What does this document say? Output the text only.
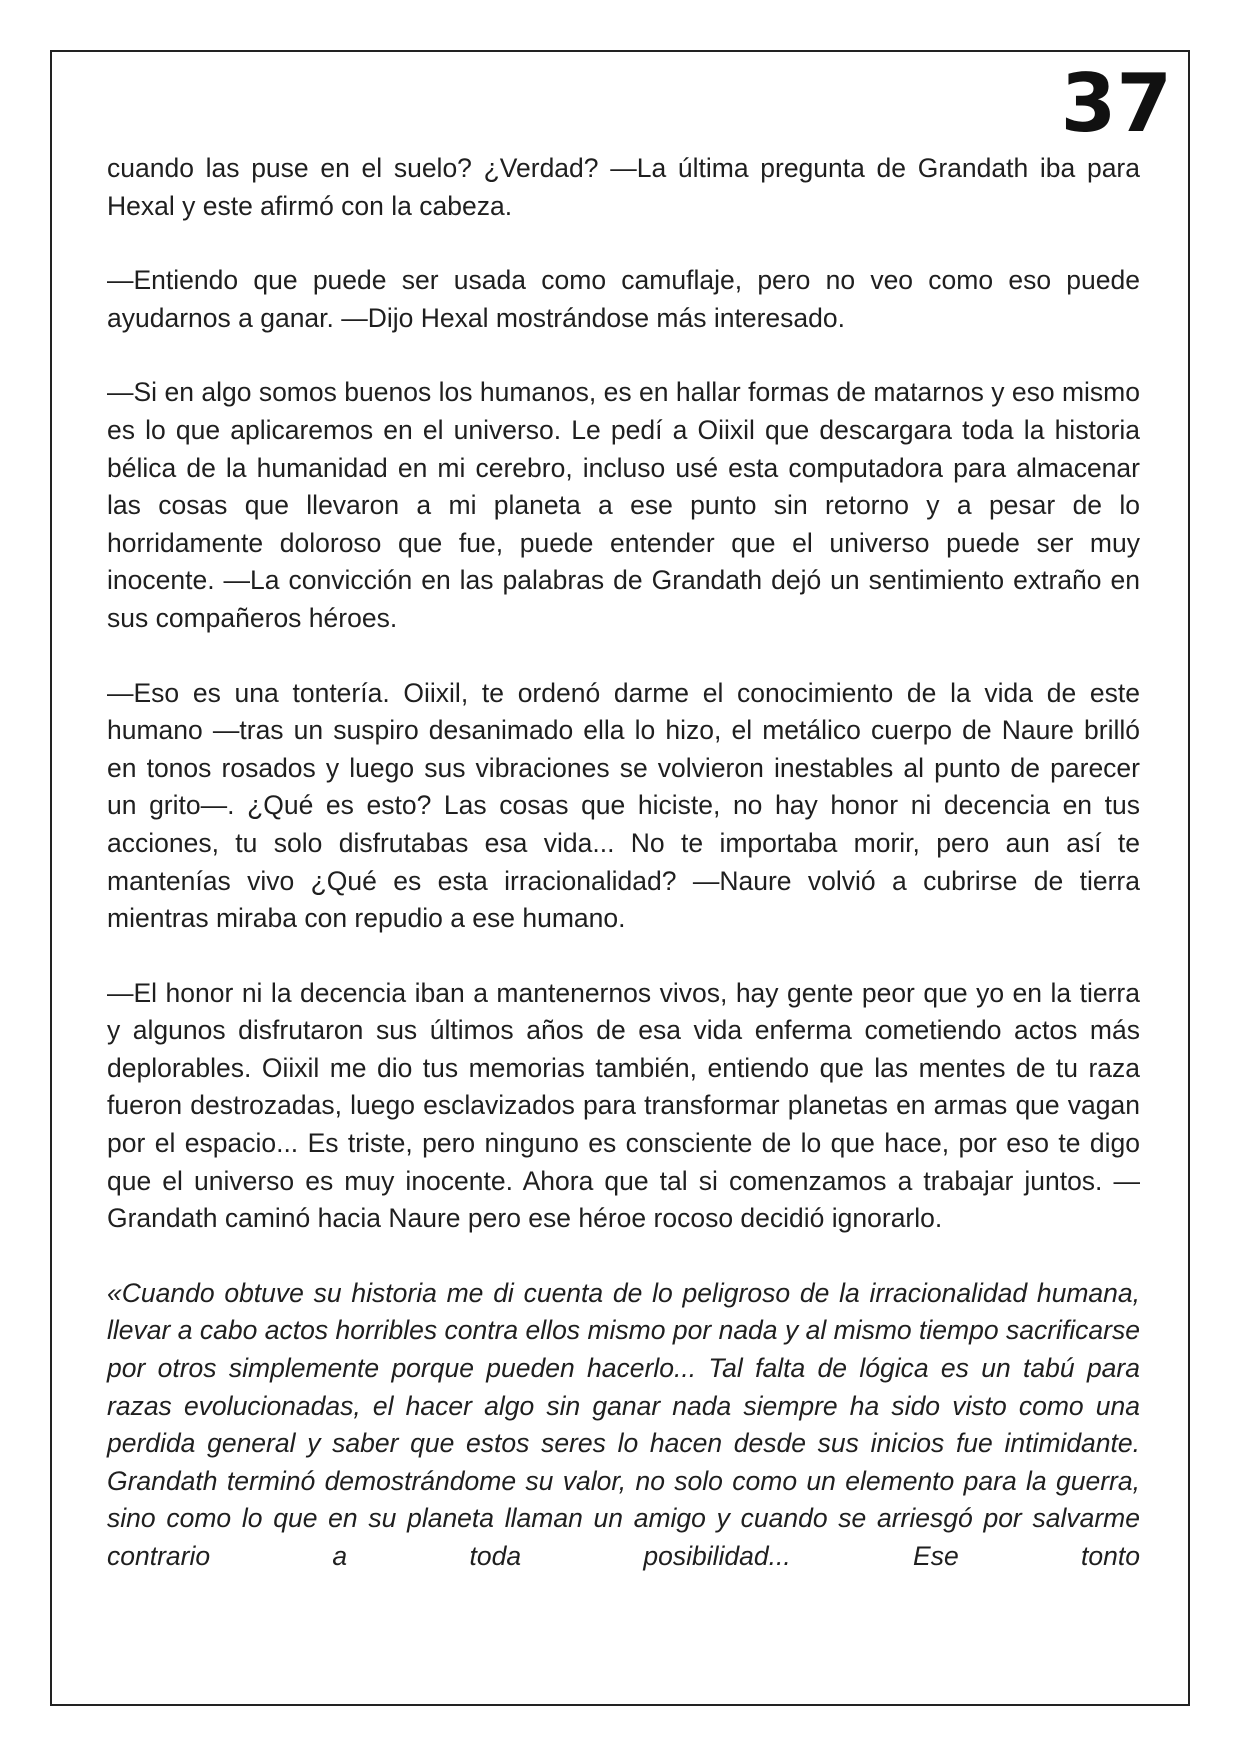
37

cuando las puse en el suelo? ¿Verdad? —La última pregunta de Grandath iba para Hexal y este afirmó con la cabeza.

—Entiendo que puede ser usada como camuflaje, pero no veo como eso puede ayudarnos a ganar. —Dijo Hexal mostrándose más interesado.

—Si en algo somos buenos los humanos, es en hallar formas de matarnos y eso mismo es lo que aplicaremos en el universo. Le pedí a Oiixil que descargara toda la historia bélica de la humanidad en mi cerebro, incluso usé esta computadora para almacenar las cosas que llevaron a mi planeta a ese punto sin retorno y a pesar de lo horridamente doloroso que fue, puede entender que el universo puede ser muy inocente. —La convicción en las palabras de Grandath dejó un sentimiento extraño en sus compañeros héroes.

—Eso es una tontería. Oiixil, te ordenó darme el conocimiento de la vida de este humano —tras un suspiro desanimado ella lo hizo, el metálico cuerpo de Naure brilló en tonos rosados y luego sus vibraciones se volvieron inestables al punto de parecer un grito—. ¿Qué es esto? Las cosas que hiciste, no hay honor ni decencia en tus acciones, tu solo disfrutabas esa vida... No te importaba morir, pero aun así te mantenías vivo ¿Qué es esta irracionalidad? —Naure volvió a cubrirse de tierra mientras miraba con repudio a ese humano.

—El honor ni la decencia iban a mantenernos vivos, hay gente peor que yo en la tierra y algunos disfrutaron sus últimos años de esa vida enferma cometiendo actos más deplorables. Oiixil me dio tus memorias también, entiendo que las mentes de tu raza fueron destrozadas, luego esclavizados para transformar planetas en armas que vagan por el espacio... Es triste, pero ninguno es consciente de lo que hace, por eso te digo que el universo es muy inocente. Ahora que tal si comenzamos a trabajar juntos. —Grandath caminó hacia Naure pero ese héroe rocoso decidió ignorarlo.

«Cuando obtuve su historia me di cuenta de lo peligroso de la irracionalidad humana, llevar a cabo actos horribles contra ellos mismo por nada y al mismo tiempo sacrificarse por otros simplemente porque pueden hacerlo... Tal falta de lógica es un tabú para razas evolucionadas, el hacer algo sin ganar nada siempre ha sido visto como una perdida general y saber que estos seres lo hacen desde sus inicios fue intimidante. Grandath terminó demostrándome su valor, no solo como un elemento para la guerra, sino como lo que en su planeta llaman un amigo y cuando se arriesgó por salvarme contrario a toda posibilidad... Ese tonto
